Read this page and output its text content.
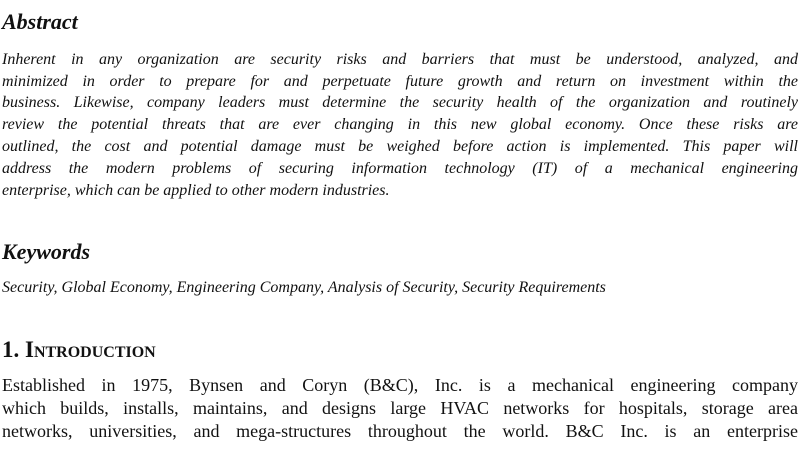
Abstract
Inherent in any organization are security risks and barriers that must be understood, analyzed, and
minimized in order to prepare for and perpetuate future growth and return on investment within the
business. Likewise, company leaders must determine the security health of the organization and routinely
review the potential threats that are ever changing in this new global economy. Once these risks are
outlined, the cost and potential damage must be weighed before action is implemented. This paper will
address the modern problems of securing information technology (IT) of a mechanical engineering
enterprise, which can be applied to other modern industries.
Keywords
Security, Global Economy, Engineering Company, Analysis of Security, Security Requirements
1. Introduction
Established in 1975, Bynsen and Coryn (B&C), Inc. is a mechanical engineering company
which builds, installs, maintains, and designs large HVAC networks for hospitals, storage area
networks, universities, and mega-structures throughout the world. B&C Inc. is an enterprise
